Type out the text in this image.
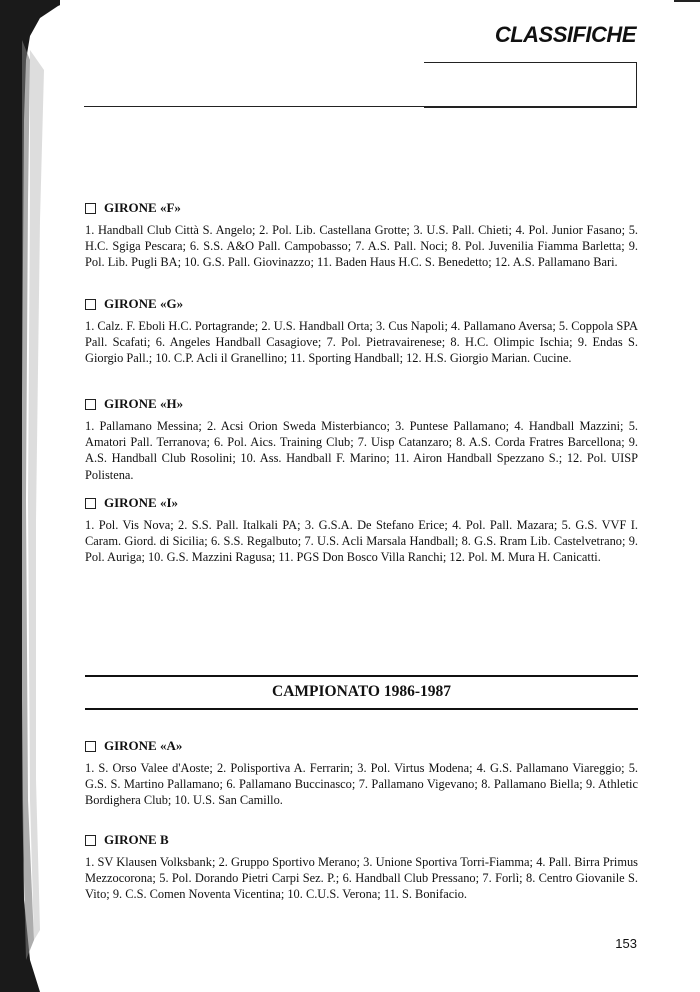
CLASSIFICHE
GIRONE «F»

1. Handball Club Città S. Angelo; 2. Pol. Lib. Castellana Grotte; 3. U.S. Pall. Chieti; 4. Pol. Junior Fasano; 5. H.C. Sgiga Pescara; 6. S.S. A&O Pall. Campobasso; 7. A.S. Pall. Noci; 8. Pol. Juvenilia Fiamma Barletta; 9. Pol. Lib. Pugli BA; 10. G.S. Pall. Giovinazzo; 11. Baden Haus H.C. S. Benedetto; 12. A.S. Pallamano Bari.

GIRONE «G»

1. Calz. F. Eboli H.C. Portagrande; 2. U.S. Handball Orta; 3. Cus Napoli; 4. Pallamano Aversa; 5. Coppola SPA Pall. Scafati; 6. Angeles Handball Casagiove; 7. Pol. Pietravairenese; 8. H.C. Olimpic Ischia; 9. Endas S. Giorgio Pall.; 10. C.P. Acli il Granellino; 11. Sporting Handball; 12. H.S. Giorgio Marian. Cucine.

GIRONE «H»

1. Pallamano Messina; 2. Acsi Orion Sweda Misterbianco; 3. Puntese Pallamano; 4. Handball Mazzini; 5. Amatori Pall. Terranova; 6. Pol. Aics. Training Club; 7. Uisp Catanzaro; 8. A.S. Corda Fratres Barcellona; 9. A.S. Handball Club Rosolini; 10. Ass. Handball F. Marino; 11. Airon Handball Spezzano S.; 12. Pol. UISP Polistena.

GIRONE «I»

1. Pol. Vis Nova; 2. S.S. Pall. Italkali PA; 3. G.S.A. De Stefano Erice; 4. Pol. Pall. Mazara; 5. G.S. VVF I. Caram. Giord. di Sicilia; 6. S.S. Regalbuto; 7. U.S. Acli Marsala Handball; 8. G.S. Rram Lib. Castelvetrano; 9. Pol. Auriga; 10. G.S. Mazzini Ragusa; 11. PGS Don Bosco Villa Ranchi; 12. Pol. M. Mura H. Canicatti.

CAMPIONATO 1986-1987
GIRONE «A»

1. S. Orso Valee d'Aoste; 2. Polisportiva A. Ferrarin; 3. Pol. Virtus Modena; 4. G.S. Pallamano Viareggio; 5. G.S. S. Martino Pallamano; 6. Pallamano Buccinasco; 7. Pallamano Vigevano; 8. Pallamano Biella; 9. Athletic Bordighera Club; 10. U.S. San Camillo.

GIRONE B

1. SV Klausen Volksbank; 2. Gruppo Sportivo Merano; 3. Unione Sportiva Torri-Fiamma; 4. Pall. Birra Primus Mezzocorona; 5. Pol. Dorando Pietri Carpi Sez. P.; 6. Handball Club Pressano; 7. Forlì; 8. Centro Giovanile S. Vito; 9. C.S. Comen Noventa Vicentina; 10. C.U.S. Verona; 11. S. Bonifacio.

153
